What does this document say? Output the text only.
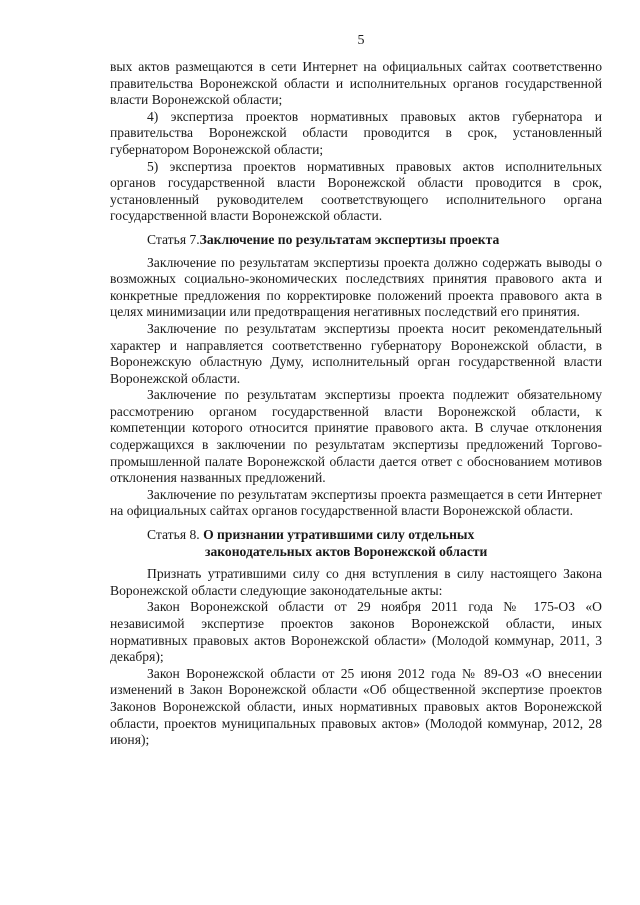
5

вых актов размещаются в сети Интернет на официальных сайтах соответственно правительства Воронежской области и исполнительных органов государственной власти Воронежской области;

4) экспертиза проектов нормативных правовых актов губернатора и правительства Воронежской области проводится в срок, установленный губернатором Воронежской области;

5) экспертиза проектов нормативных правовых актов исполнительных органов государственной власти Воронежской области проводится в срок, установленный руководителем соответствующего исполнительного органа государственной власти Воронежской области.

Статья 7.Заключение по результатам экспертизы проекта

Заключение по результатам экспертизы проекта должно содержать выводы о возможных социально-экономических последствиях принятия правового акта и конкретные предложения по корректировке положений проекта правового акта в целях минимизации или предотвращения негативных последствий его принятия.

Заключение по результатам экспертизы проекта носит рекомендательный характер и направляется соответственно губернатору Воронежской области, в Воронежскую областную Думу, исполнительный орган государственной власти Воронежской области.

Заключение по результатам экспертизы проекта подлежит обязательному рассмотрению органом государственной власти Воронежской области, к компетенции которого относится принятие правового акта. В случае отклонения содержащихся в заключении по результатам экспертизы предложений Торгово-промышленной палате Воронежской области дается ответ с обоснованием мотивов отклонения названных предложений.

Заключение по результатам экспертизы проекта размещается в сети Интернет на официальных сайтах органов государственной власти Воронежской области.

Статья 8. О признании утратившими силу отдельных
законодательных актов Воронежской области

Признать утратившими силу со дня вступления в силу настоящего Закона Воронежской области следующие законодательные акты:

Закон Воронежской области от 29 ноября 2011 года № 175-ОЗ «О независимой экспертизе проектов законов Воронежской области, иных нормативных правовых актов Воронежской области» (Молодой коммунар, 2011, 3 декабря);

Закон Воронежской области от 25 июня 2012 года № 89-ОЗ «О внесении изменений в Закон Воронежской области «Об общественной экспертизе проектов Законов Воронежской области, иных нормативных правовых актов Воронежской области, проектов муниципальных правовых актов» (Молодой коммунар, 2012, 28 июня);
